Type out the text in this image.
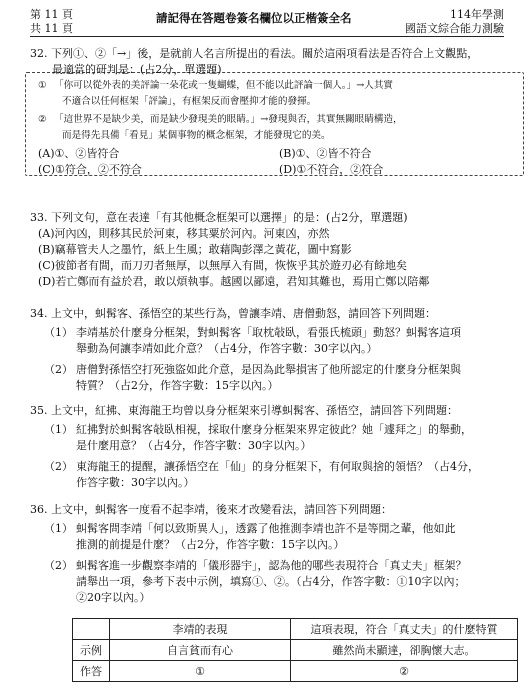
第 11 頁
共 11 頁
請記得在答題卷簽名欄位以正楷簽全名	114年學測
國語文綜合能力測驗
32. 下列①、②「→」後，是就前人名言所提出的看法。關於這兩項看法是否符合上文觀點，
最適當的研判是：(占2分，單選題)
① 「你可以從外表的美評論一朵花或一隻蝴蝶，但不能以此評論一個人。」→人其實
不適合以任何框架「評論」，有框架反而會壓抑才能的發揮。
② 「這世界不是缺少美，而是缺少發現美的眼睛。」→發現與否，其實無關眼睛構造，
而是得先具備「看見」某個事物的概念框架，才能發現它的美。
(A)①、②皆符合	(B)①、②皆不符合
(C)①符合，②不符合	(D)①不符合，②符合
33. 下列文句，意在表達「有其他概念框架可以選擇」的是：(占2分，單選題)
(A)河內凶，則移其民於河東，移其粟於河內。河東凶，亦然
(B)竊幕管夫人之墨竹，紙上生風；敢藉陶彭澤之黃花，圖中寫影
(C)彼節者有間，而刀刃者無厚，以無厚入有間，恢恢乎其於遊刃必有餘地矣
(D)若亡鄭而有益於君，敢以煩執事。越國以鄙遠，君知其難也，焉用亡鄭以陪鄰
34. 上文中，虯髯客、孫悟空的某些行為，曾讓李靖、唐僧動怒，請回答下列問題：
（1） 李靖基於什麼身分框架，對虯髯客「取枕敧臥，看張氏梳頭」動怒？虯髯客這項
舉動為何讓李靖如此介意？（占4分，作答字數：30字以內。）
（2） 唐僧對孫悟空打死強盜如此介意，是因為此舉損害了他所認定的什麼身分框架與
特質？（占2分，作答字數：15字以內。）
35. 上文中，紅拂、東海龍王均曾以身分框架來引導虯髯客、孫悟空，請回答下列問題：
（1） 紅拂對於虯髯客敧臥相視，採取什麼身分框架來界定彼此？她「遽拜之」的舉動，
是什麼用意？（占4分，作答字數：30字以內。）
（2） 東海龍王的提醒，讓孫悟空在「仙」的身分框架下，有何取與捨的領悟？（占4分，
作答字數：30字以內。）
36. 上文中，虯髯客一度看不起李靖，後來才改變看法，請回答下列問題：
（1） 虯髯客問李靖「何以致斯異人」，透露了他推測李靖也許不是等閒之輩，他如此
推測的前提是什麼？（占2分，作答字數：15字以內。）
（2） 虯髯客進一步觀察李靖的「儀形器宇」，認為他的哪些表現符合「真丈夫」框架？
請舉出一項，參考下表中示例，填寫①、②。（占4分，作答字數：①10字以內；
②20字以內。）
	李靖的表現	這項表現，符合「真丈夫」的什麼特質
示例	自言貧而有心	雖然尚未顯達，卻胸懷大志。
作答	①	②
